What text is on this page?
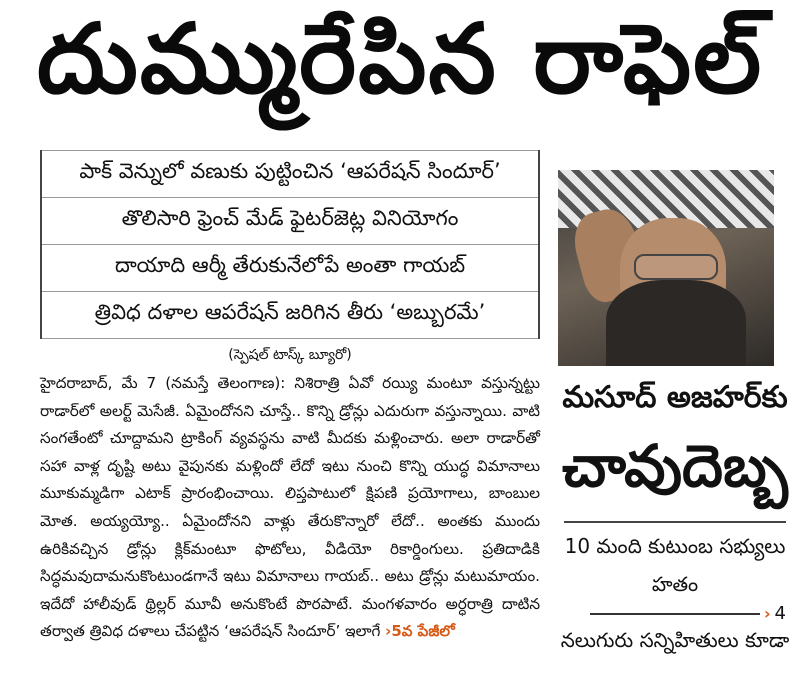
దుమ్మురేపిన రాఫెల్
పాక్ వెన్నులో వణుకు పుట్టించిన ‘ఆపరేషన్ సిందూర్’
తొలిసారి ఫ్రెంచ్ మేడ్ ఫైటర్‌జెట్ల వినియోగం
దాయాది ఆర్మీ తేరుకునేలోపే అంతా గాయబ్
త్రివిధ దళాల ఆపరేషన్ జరిగిన తీరు ‘అబ్బురమే’
(స్పెషల్ టాస్క్ బ్యూరో)
హైదరాబాద్, మే 7 (నమస్తే తెలంగాణ): నిశిరాత్రి ఏవో రయ్యి మంటూ వస్తున్నట్టు రాడార్‌లో అలర్ట్ మెసేజీ. ఏమైందోనని చూస్తే.. కొన్ని డ్రోన్లు ఎదురుగా వస్తున్నాయి. వాటి సంగతేంటో చూద్దామని ట్రాకింగ్ వ్యవస్థను వాటి మీదకు మళ్లించారు. అలా రాడార్‌తో సహా వాళ్ల దృష్టి అటు వైపునకు మళ్లిందో లేదో ఇటు నుంచి కొన్ని యుద్ధ విమానాలు మూకుమ్మడిగా ఎటాక్ ప్రారంభించాయి. లిప్తపాటులో క్షిపణి ప్రయోగాలు, బాంబుల మోత. అయ్యయ్యో.. ఏమైందోనని వాళ్లు తేరుకొన్నారో లేదో.. అంతకు ముందు ఉరికివచ్చిన డ్రోన్లు క్లిక్‌మంటూ ఫొటోలు, వీడియో రికార్డింగులు. ప్రతిదాడికి సిద్ధమవుదామనుకొంటుండగానే ఇటు విమానాలు గాయబ్.. అటు డ్రోన్లు మటుమాయం. ఇదేదో హాలీవుడ్ థ్రిల్లర్ మూవీ అనుకొంటే పొరపాటే. మంగళవారం అర్ధరాత్రి దాటిన తర్వాత త్రివిధ దళాలు చేపట్టిన ‘ఆపరేషన్ సిందూర్’ ఇలాగే ›5వ పేజీలో
మసూద్ అజహర్‌కు
చావుదెబ్బ
10 మంది కుటుంబ సభ్యులు హతం
› 4
నలుగురు సన్నిహితులు కూడా
